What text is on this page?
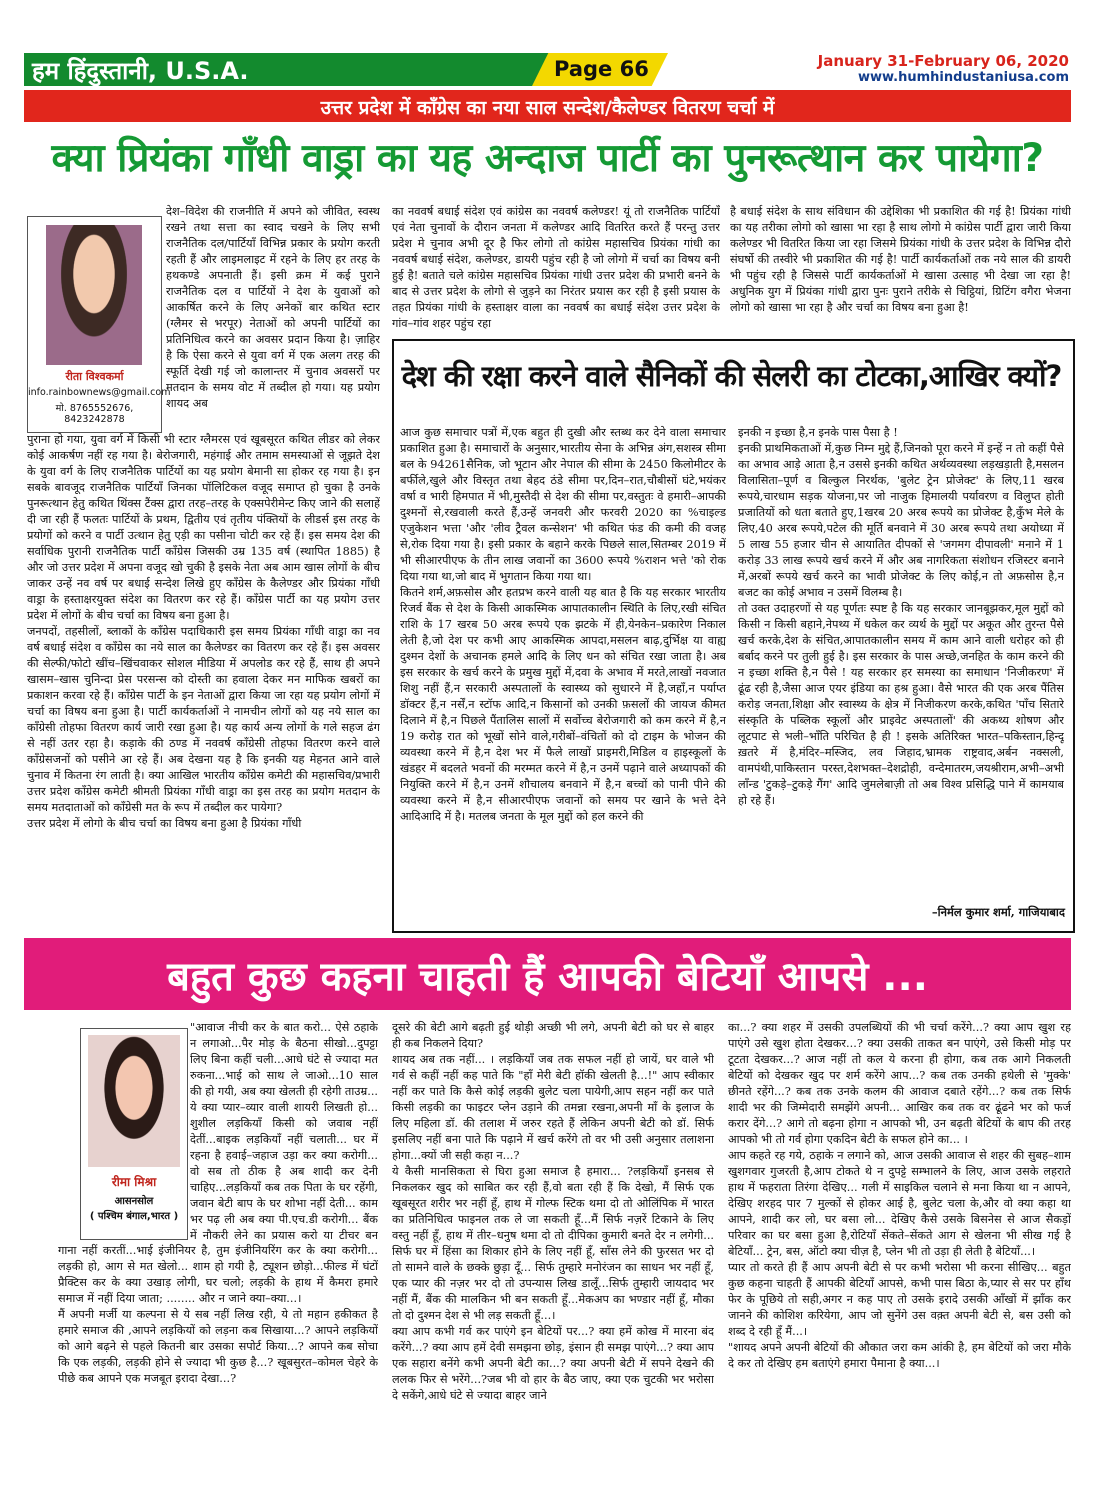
हम हिंदुस्तानी, U.S.A.	Page 66	January 31-February 06, 2020
www.humhindustaniusa.com
उत्तर प्रदेश में कॉंग्रेस का नया साल सन्देश/कैलेण्डर वितरण चर्चा में
क्या प्रियंका गाँधी वाड्रा का यह अन्दाज पार्टी का पुनरूत्थान कर पायेगा?
रीता विश्वकर्मा
info.rainbownews@gmail.com
मो. 8765552676,
8423242878
देश–विदेश की राजनीति में अपने को जीवित, स्वस्थ रखने तथा सत्ता का स्वाद चखने के लिए सभी राजनैतिक दल/पार्टियाँ विभिन्न प्रकार के प्रयोग करती रहती हैं और लाइमलाइट में रहने के लिए हर तरह के हथकण्डे अपनाती हैं। इसी क्रम में कई पुराने राजनैतिक दल व पार्टियों ने देश के युवाओं को आकर्षित करने के लिए अनेकों बार कथित स्टार (ग्लैमर से भरपूर) नेताओं को अपनी पार्टियों का प्रतिनिधित्व करने का अवसर प्रदान किया है। ज़ाहिर है कि ऐसा करने से युवा वर्ग में एक अलग तरह की स्फूर्ति देखी गई जो कालान्तर में चुनाव अवसरों पर मतदान के समय वोट में तब्दील हो गया। यह प्रयोग शायद अब
पुराना हो गया, युवा वर्ग में किसी भी स्टार ग्लैमरस एवं खूबसूरत कथित लीडर को लेकर कोई आकर्षण नहीं रह गया है। बेरोजगारी, महंगाई और तमाम समस्याओं से जूझते देश के युवा वर्ग के लिए राजनैतिक पार्टियों का यह प्रयोग बेमानी सा होकर रह गया है। इन सबके बावजूद राजनैतिक पार्टियाँ जिनका पॉलिटिकल वजूद समाप्त हो चुका है उनके पुनरूत्थान हेतु कथित थिंक्स टैंक्स द्वारा तरह–तरह के एक्सपेरीमेन्ट किए जाने की सलाहें दी जा रही हैं फलतः पार्टियों के प्रथम, द्वितीय एवं तृतीय पंक्तियों के लीडर्स इस तरह के प्रयोगों को करने व पार्टी उत्थान हेतु एड़ी का पसीना चोटी कर रहे हैं। इस समय देश की सर्वाधिक पुरानी राजनैतिक पार्टी काँग्रेस जिसकी उम्र 135 वर्ष (स्थापित 1885) है और जो उत्तर प्रदेश में अपना वजूद खो चुकी है इसके नेता अब आम खास लोगों के बीच जाकर उन्हें नव वर्ष पर बधाई सन्देश लिखे हुए काँग्रेस के कैलेण्डर और प्रियंका गाँधी वाड्रा के हस्ताक्षरयुक्त संदेश का वितरण कर रहे हैं। कॉंग्रेस पार्टी का यह प्रयोग उत्तर प्रदेश में लोगों के बीच चर्चा का विषय बना हुआ है।
जनपदों, तहसीलों, ब्लाकों के कॉंग्रेस पदाधिकारी इस समय प्रियंका गाँधी वाड्रा का नव वर्ष बधाई संदेश व कॉंग्रेस का नये साल का कैलेण्डर का वितरण कर रहे हैं। इस अवसर की सेल्फी/फोटो खींच–खिंचवाकर सोशल मीडिया में अपलोड कर रहे हैं, साथ ही अपने खासम–खास चुनिन्दा प्रेस परसन्स को दोस्ती का हवाला देकर मन माफिक खबरों का प्रकाशन करवा रहे हैं। कॉंग्रेस पार्टी के इन नेताओं द्वारा किया जा रहा यह प्रयोग लोगों में चर्चा का विषय बना हुआ है। पार्टी कार्यकर्ताओं ने नामचीन लोगों को यह नये साल का कॉंग्रेसी तोहफा वितरण कार्य जारी रखा हुआ है। यह कार्य अन्य लोगों के गले सहज ढंग से नहीं उतर रहा है। कड़ाके की ठण्ड में नववर्ष कॉंग्रेसी तोहफा वितरण करने वाले कॉंग्रेसजनों को पसीने आ रहे हैं। अब देखना यह है कि इनकी यह मेहनत आने वाले चुनाव में कितना रंग लाती है। क्या आखिल भारतीय कॉंग्रेस कमेटी की महासचिव/प्रभारी उत्तर प्रदेश कॉंग्रेस कमेटी श्रीमती प्रियंका गाँधी वाड्रा का इस तरह का प्रयोग मतदान के समय मतदाताओं को कॉंग्रेसी मत के रूप में तब्दील कर पायेगा?
उत्तर प्रदेश में लोगो के बीच चर्चा का विषय बना हुआ है प्रियंका गाँधी
का नववर्ष बधाई संदेश एवं कांग्रेस का नववर्ष कलेण्डर! यूं तो राजनैतिक पार्टियाँ एवं नेता चुनावों के दौरान जनता में कलेण्डर आदि वितरित करते हैं परन्तु उत्तर प्रदेश मे चुनाव अभी दूर है फिर लोगो तो कांग्रेस महासचिव प्रियंका गांधी का नववर्ष बधाई संदेश, कलेण्डर, डायरी पहुंच रही है जो लोगो में चर्चा का विषय बनी हुई है! बताते चले कांग्रेस महासचिव प्रियंका गांधी उत्तर प्रदेश की प्रभारी बनने के बाद से उत्तर प्रदेश के लोगो से जुड़ने का निरंतर प्रयास कर रही है इसी प्रयास के तहत प्रियंका गांधी के हस्ताक्षर वाला का नववर्ष का बधाई संदेश उत्तर प्रदेश के गांव–गांव शहर पहुंच रहा
है बधाई संदेश के साथ संविधान की उद्देशिका भी प्रकाशित की गई है! प्रियंका गांधी का यह तरीका लोगो को खासा भा रहा है साथ लोगो मे कांग्रेस पार्टी द्वारा जारी किया कलेण्डर भी वितरित किया जा रहा जिसमे प्रियंका गांधी के उत्तर प्रदेश के विभिन्न दौरो संघर्षो की तस्वीरे भी प्रकाशित की गई है! पार्टी कार्यकर्ताओं तक नये साल की डायरी भी पहुंच रही है जिससे पार्टी कार्यकर्ताओं मे खासा उत्साह भी देखा जा रहा है! अधुनिक युग में प्रियंका गांधी द्वारा पुनः पुराने तरीके से चिट्ठियां, ग्रिटिंग वगैरा भेजना लोगो को खासा भा रहा है और चर्चा का विषय बना हुआ है!
देश की रक्षा करने वाले सैनिकों की सेलरी का टोटका,आखिर क्यों?
आज कुछ समाचार पत्रों में,एक बहुत ही दुखी और स्तब्ध कर देने वाला समाचार प्रकाशित हुआ है। समाचारों के अनुसार,भारतीय सेना के अभिन्न अंग,सशस्त्र सीमा बल के 94261सैनिक, जो भूटान और नेपाल की सीमा के 2450 किलोमीटर के बर्फीले,खुले और विस्तृत तथा बेहद ठंडे सीमा पर,दिन–रात,चौबीसों घंटे,भयंकर वर्षा व भारी हिमपात में भी,मुस्तैदी से देश की सीमा पर,वस्तुतः वे हमारी–आपकी दुश्मनों से,रखवाली करते हैं,उन्हें जनवरी और फरवरी 2020 का %चाइल्ड एजुकेशन भत्ता 'और 'लीव ट्रैवल कन्सेशन' भी कथित फंड की कमी की वजह से,रोक दिया गया है। इसी प्रकार के बहाने करके पिछले साल,सितम्बर 2019 में भी सीआरपीएफ के तीन लाख जवानों का 3600 रूपये %राशन भत्ते 'को रोक दिया गया था,जो बाद में भुगतान किया गया था।
कितने शर्म,अफ़सोस और हतप्रभ करने वाली यह बात है कि यह सरकार भारतीय रिजर्व बैंक से देश के किसी आकस्मिक आपातकालीन स्थिति के लिए,रखी संचित राशि के 17 खरब 50 अरब रूपये एक झटके में ही,येनकेन–प्रकारेण निकाल लेती है,जो देश पर कभी आए आकस्मिक आपदा,मसलन बाढ़,दुर्भिक्ष या वाह्य दुश्मन देशों के अचानक हमले आदि के लिए धन को संचित रखा जाता है। अब इस सरकार के खर्च करने के प्रमुख मुद्दों में,दवा के अभाव में मरते,लाखों नवजात शिशु नहीं हैं,न सरकारी अस्पतालों के स्वास्थ्य को सुधारने में है,जहाँ,न पर्याप्त डॉक्टर हैं,न नर्सें,न स्टॉफ आदि,न किसानों को उनकी फ़सलों की जायज कीमत दिलाने में है,न पिछले पैंतालिस सालों में सर्वोच्च बेरोजगारी को कम करने में है,न 19 करोड़ रात को भूखों सोने वाले,गरीबों–वंचितों को दो टाइम के भोजन की व्यवस्था करने में है,न देश भर में फैले लाखों प्राइमरी,मिडिल व हाइस्कूलों के खंडहर में बदलते भवनों की मरम्मत करने में है,न उनमें पढ़ाने वाले अध्यापकों की नियुक्ति करने में है,न उनमें शौचालय बनवाने में है,न बच्चों को पानी पीने की व्यवस्था करने में है,न सीआरपीएफ जवानों को समय पर खाने के भत्ते देने आदिआदि में है। मतलब जनता के मूल मुद्दों को हल करने की
इनकी न इच्छा है,न इनके पास पैसा है !
इनकी प्राथमिकताओं में,कुछ निम्न मुद्दे हैं,जिनको पूरा करने में इन्हें न तो कहीं पैसे का अभाव आड़े आता है,न उससे इनकी कथित अर्थव्यवस्था लड़खड़ाती है,मसलन विलासिता–पूर्ण व बिल्कुल निरर्थक, 'बुलेट ट्रेन प्रोजेक्ट' के लिए,11 खरब रूपये,चारधाम सड़क योजना,पर जो नाजुक हिमालयी पर्यावरण व विलुप्त होती प्रजातियों को धता बताते हुए,1खरब 20 अरब रूपये का प्रोजेक्ट है,कुँभ मेले के लिए,40 अरब रूपये,पटेल की मूर्ति बनवाने में 30 अरब रूपये तथा अयोध्या में 5 लाख 55 हजार चीन से आयातित दीपकों से 'जगमग दीपावली' मनाने में 1 करोड़ 33 लाख रूपये खर्च करने में और अब नागरिकता संशोधन रजिस्टर बनाने में,अरबों रूपये खर्च करने का भावी प्रोजेक्ट के लिए कोई,न तो अफ़सोस है,न बजट का कोई अभाव न उसमें विलम्ब है।
तो उक्त उदाहरणों से यह पूर्णतः स्पष्ट है कि यह सरकार जानबूझकर,मूल मुद्दों को किसी न किसी बहाने,नेपथ्य में धकेल कर व्यर्थ के मुद्दों पर अकूत और तुरन्त पैसे खर्च करके,देश के संचित,आपातकालीन समय में काम आने वाली धरोहर को ही बर्बाद करने पर तुली हुई है। इस सरकार के पास अच्छे,जनहित के काम करने की न इच्छा शक्ति है,न पैसे ! यह सरकार हर समस्या का समाधान 'निजीकरण' में ढूंढ रही है,जैसा आज एयर इंडिया का हश्र हुआ। वैसे भारत की एक अरब पैंतिस करोड़ जनता,शिक्षा और स्वास्थ्य के क्षेत्र में निजीकरण करके,कथित 'पाँच सितारे संस्कृति के पब्लिक स्कूलों और प्राइवेट अस्पतालों' की अकथ्य शोषण और लूटपाट से भली–भाँति परिचित है ही ! इसके अतिरिक्त भारत–पकिस्तान,हिन्दू ख़तरे में है,मंदिर–मस्जिद, लव जिहाद,भ्रामक राष्ट्रवाद,अर्बन नक्सली, वामपंथी,पाकिस्तान परस्त,देशभक्त–देशद्रोही, वन्देमातरम,जयश्रीराम,अभी–अभी लाँन्ड 'टुकड़े–टुकड़े गैंग' आदि जुमलेबाज़ी तो अब विश्व प्रसिद्धि पाने में कामयाब हो रहे हैं।
–निर्मल कुमार शर्मा, गाजियाबाद
बहुत कुछ कहना चाहती हैं आपकी बेटियाँ आपसे ...
रीमा मिश्रा
आसनसोल
( पश्चिम बंगाल,भारत )
"आवाज नीची कर के बात करो... ऐसे ठहाके न लगाओ...पैर मोड़ के बैठना सीखो...दुपट्टा लिए बिना कहीं चली...आधे घंटे से ज्यादा मत रुकना...भाई को साथ ले जाओ...10 साल की हो गयी, अब क्या खेलती ही रहेगी ताउम्र... ये क्या प्यार–व्यार वाली शायरी लिखती हो... शुशील लड़कियाँ किसी को जवाब नहीं देतीं...बाइक लड़कियाँ नहीं चलाती... घर में रहना है हवाई–जहाज उड़ा कर क्या करोगी... वो सब तो ठीक है अब शादी कर देनी चाहिए...लड़कियाँ कब तक पिता के घर रहेंगी, जवान बेटी बाप के घर शोभा नहीं देती... काम भर पढ़ ली अब क्या पी.एच.डी करोगी... बैंक में नौकरी लेने का प्रयास करो या टीचर बन
गाना नहीं करतीं...भाई इंजीनियर है, तुम इंजीनियरिंग कर के क्या करोगी... लड़की हो, आग से मत खेलो... शाम हो गयी है, ट्यूशन छोड़ो...फील्ड में घंटों प्रैक्टिस कर के क्या उखाड़ लोगी, घर चलो; लड़की के हाथ में कैमरा हमारे समाज में नहीं दिया जाता; ........ और न जाने क्या–क्या...।
मैं अपनी मर्जी या कल्पना से ये सब नहीं लिख रही, ये तो महान हकीकत है हमारे समाज की ,आपने लड़कियों को लड़ना कब सिखाया...? आपने लड़कियों को आगे बढ़ने से पहले कितनी बार उसका सपोर्ट किया...? आपने कब सोचा कि एक लड़की, लड़की होने से ज्यादा भी कुछ है...? खूबसुरत–कोमल चेहरे के पीछे कब आपने एक मजबूत इरादा देखा...?
दूसरे की बेटी आगे बढ़ती हुई थोड़ी अच्छी भी लगे, अपनी बेटी को घर से बाहर ही कब निकलने दिया?
शायद अब तक नहीं... । लड़कियाँ जब तक सफल नहीं हो जायें, घर वाले भी गर्व से कहीं नहीं कह पाते कि "हाँ मेरी बेटी हॉकी खेलती है...!" आप स्वीकार नहीं कर पाते कि कैसे कोई लड़की बुलेट चला पायेगी,आप सहन नहीं कर पाते किसी लड़की का फाइटर प्लेन उड़ाने की तमन्ना रखना,अपनी माँ के इलाज के लिए महिला डॉ. की तलाश में जरुर रहते हैं लेकिन अपनी बेटी को डॉ. सिर्फ इसलिए नहीं बना पाते कि पढ़ाने में खर्च करेंगे तो वर भी उसी अनुसार तलाशना होगा...क्यों जी सही कहा न...?
ये कैसी मानसिकता से घिरा हुआ समाज है हमारा... ?लड़कियाँ इनसब से निकलकर खुद को साबित कर रही हैं,वो बता रही हैं कि देखो, मैं सिर्फ एक खूबसूरत शरीर भर नहीं हूँ, हाथ में गोल्फ स्टिक थमा दो तो ओलिंपिक में भारत का प्रतिनिधित्व फाइनल तक ले जा सकती हूँ...मैं सिर्फ नज़रें टिकाने के लिए वस्तु नहीं हूँ, हाथ में तीर–धनुष थमा दो तो दीपिका कुमारी बनते देर न लगेगी... सिर्फ घर में हिंसा का शिकार होने के लिए नहीं हूँ, साँस लेने की फुरसत भर दो तो सामने वाले के छक्के छुड़ा दूँ... सिर्फ तुम्हारे मनोरंजन का साधन भर नहीं हूँ, एक प्यार की नज़र भर दो तो उपन्यास लिख डालूँ...सिर्फ तुम्हारी जायदाद भर नहीं मैं, बैंक की मालकिन भी बन सकती हूँ...मेकअप का भण्डार नहीं हूँ, मौका तो दो दुश्मन देश से भी लड़ सकती हूँ...।
क्या आप कभी गर्व कर पाएंगे इन बेटियों पर...? क्या हमें कोख में मारना बंद करेंगे...? क्या आप हमें देवी समझना छोड़, इंसान ही समझ पाएंगे...? क्या आप एक सहारा बनेंगे कभी अपनी बेटी का...? क्या अपनी बेटी में सपने देखने की ललक फिर से भरेंगे...?जब भी वो हार के बैठ जाए, क्या एक चुटकी भर भरोसा दे सकेंगे,आधे घंटे से ज्यादा बाहर जाने
का...? क्या शहर में उसकी उपलब्धियों की भी चर्चा करेंगे...? क्या आप खुश रह पाएंगे उसे खुश होता देखकर...? क्या उसकी ताकत बन पाएंगे, उसे किसी मोड़ पर टूटता देखकर...? आज नहीं तो कल ये करना ही होगा, कब तक आगे निकलती बेटियों को देखकर खुद पर शर्म करेंगे आप...? कब तक उनकी हथेली से 'मुक्के' छीनते रहेंगे...? कब तक उनके कलम की आवाज दबाते रहेंगे...? कब तक सिर्फ शादी भर की जिम्मेदारी समझेंगे अपनी... आखिर कब तक वर ढूंढने भर को फर्ज करार देंगे...? आगे तो बढ़ना होगा न आपको भी, उन बढ़ती बेटियों के बाप की तरह आपको भी तो गर्व होगा एकदिन बेटी के सफल होने का... ।
आप कहते रह गये, ठहाके न लगाने को, आज उसकी आवाज से शहर की सुबह–शाम खुशगवार गुजरती है,आप टोकते थे न दुपट्टे सम्भालने के लिए, आज उसके लहराते हाथ में फहराता तिरंगा देखिए... गली में साइकिल चलाने से मना किया था न आपने, देखिए शरहद पार 7 मुल्कों से होकर आई है, बुलेट चला के,और वो क्या कहा था आपने, शादी कर लो, घर बसा लो... देखिए कैसे उसके बिसनेस से आज सैकड़ों परिवार का घर बसा हुआ है,रोटियाँ सेंकते–सेंकते आग से खेलना भी सीख गई है बेटियाँ... ट्रेन, बस, ऑटो क्या चीज़ है, प्लेन भी तो उड़ा ही लेती है बेटियाँ...।
प्यार तो करते ही हैं आप अपनी बेटी से पर कभी भरोसा भी करना सीखिए... बहुत कुछ कहना चाहती हैं आपकी बेटियाँ आपसे, कभी पास बिठा के,प्यार से सर पर हाँथ फेर के पूछिये तो सही,अगर न कह पाए तो उसके इरादे उसकी आँखों में झाँक कर जानने की कोशिश करियेगा, आप जो सुनेंगे उस वक़्त अपनी बेटी से, बस उसी को शब्द दे रही हूँ मैं...।
"शायद अपने अपनी बेटियों की औकात जरा कम आंकी है, हम बेटियों को जरा मौके दे कर तो देखिए हम बताएंगे हमारा पैमाना है क्या...।
